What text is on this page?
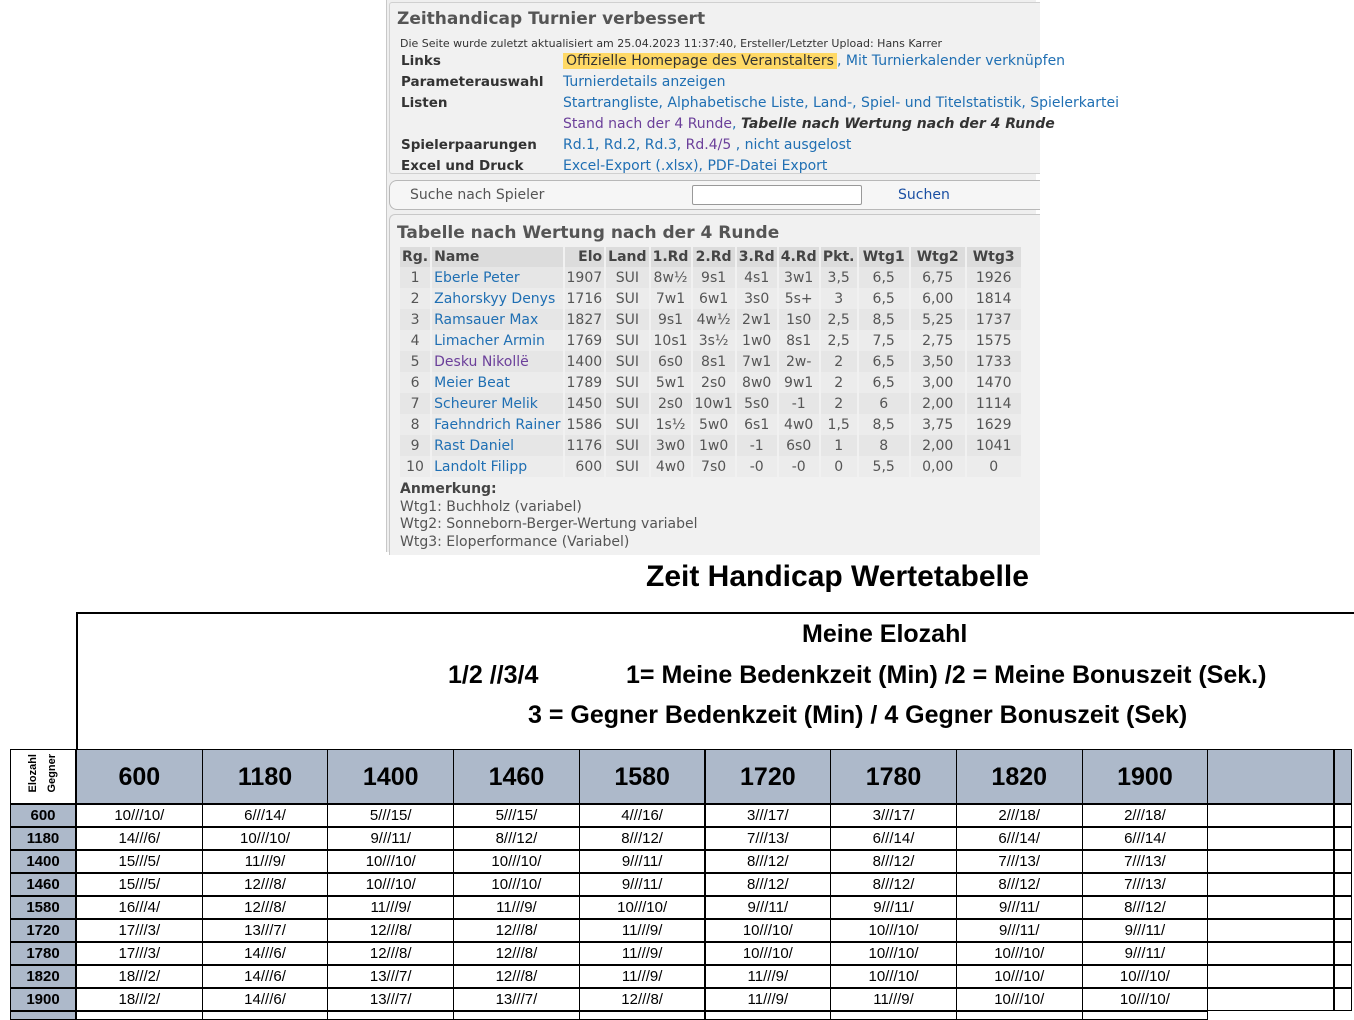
Zeithandicap Turnier verbessert
Die Seite wurde zuletzt aktualisiert am 25.04.2023 11:37:40, Ersteller/Letzter Upload: Hans Karrer
Links	Offizielle Homepage des Veranstalters , Mit Turnierkalender verknüpfen
Parameterauswahl Turnierdetails anzeigen
Listen	Startrangliste, Alphabetische Liste, Land-, Spiel- und Titelstatistik, Spielerkartei
Stand nach der 4 Runde, Tabelle nach Wertung nach der 4 Runde
Spielerpaarungen Rd.1, Rd.2, Rd.3, Rd.4/5 , nicht ausgelost
Excel und Druck	Excel-Export (.xlsx), PDF-Datei Export
Suche nach Spieler	Suchen
Tabelle nach Wertung nach der 4 Runde
Rg.	Name	Elo	Land	1.Rd	2.Rd	3.Rd	4.Rd	Pkt.	Wtg1	Wtg2	Wtg3
1	Eberle Peter	1907	SUI	8w½	9s1	4s1	3w1	3,5	6,5	6,75	1926
2	Zahorskyy Denys	1716	SUI	7w1	6w1	3s0	5s+	3	6,5	6,00	1814
3	Ramsauer Max	1827	SUI	9s1	4w½	2w1	1s0	2,5	8,5	5,25	1737
4	Limacher Armin	1769	SUI	10s1	3s½	1w0	8s1	2,5	7,5	2,75	1575
5	Desku Nikollë	1400	SUI	6s0	8s1	7w1	2w-	2	6,5	3,50	1733
6	Meier Beat	1789	SUI	5w1	2s0	8w0	9w1	2	6,5	3,00	1470
7	Scheurer Melik	1450	SUI	2s0	10w1	5s0	-1	2	6	2,00	1114
8	Faehndrich Rainer	1586	SUI	1s½	5w0	6s1	4w0	1,5	8,5	3,75	1629
9	Rast Daniel	1176	SUI	3w0	1w0	-1	6s0	1	8	2,00	1041
10	Landolt Filipp	600	SUI	4w0	7s0	-0	-0	0	5,5	0,00	0
Anmerkung:
Wtg1: Buchholz (variabel)
Wtg2: Sonneborn-Berger-Wertung variabel
Wtg3: Eloperformance (Variabel)
Zeit Handicap Wertetabelle
Meine Elozahl
1/2 //3/4	1= Meine Bedenkzeit (Min) /2 = Meine Bonuszeit (Sek.)
3 = Gegner Bedenkzeit (Min) / 4 Gegner Bonuszeit (Sek)
Elozahl Gegner	600	1180	1400	1460	1580	1720	1780	1820	1900
600	10///10/	6///14/	5///15/	5///15/	4///16/	3///17/	3///17/	2///18/	2///18/
1180	14///6/	10///10/	9///11/	8///12/	8///12/	7///13/	6///14/	6///14/	6///14/
1400	15///5/	11///9/	10///10/	10///10/	9///11/	8///12/	8///12/	7///13/	7///13/
1460	15///5/	12///8/	10///10/	10///10/	9///11/	8///12/	8///12/	8///12/	7///13/
1580	16///4/	12///8/	11///9/	11///9/	10///10/	9///11/	9///11/	9///11/	8///12/
1720	17///3/	13///7/	12///8/	12///8/	11///9/	10///10/	10///10/	9///11/	9///11/
1780	17///3/	14///6/	12///8/	12///8/	11///9/	10///10/	10///10/	10///10/	9///11/
1820	18///2/	14///6/	13///7/	12///8/	11///9/	11///9/	10///10/	10///10/	10///10/
1900	18///2/	14///6/	13///7/	13///7/	12///8/	11///9/	11///9/	10///10/	10///10/
